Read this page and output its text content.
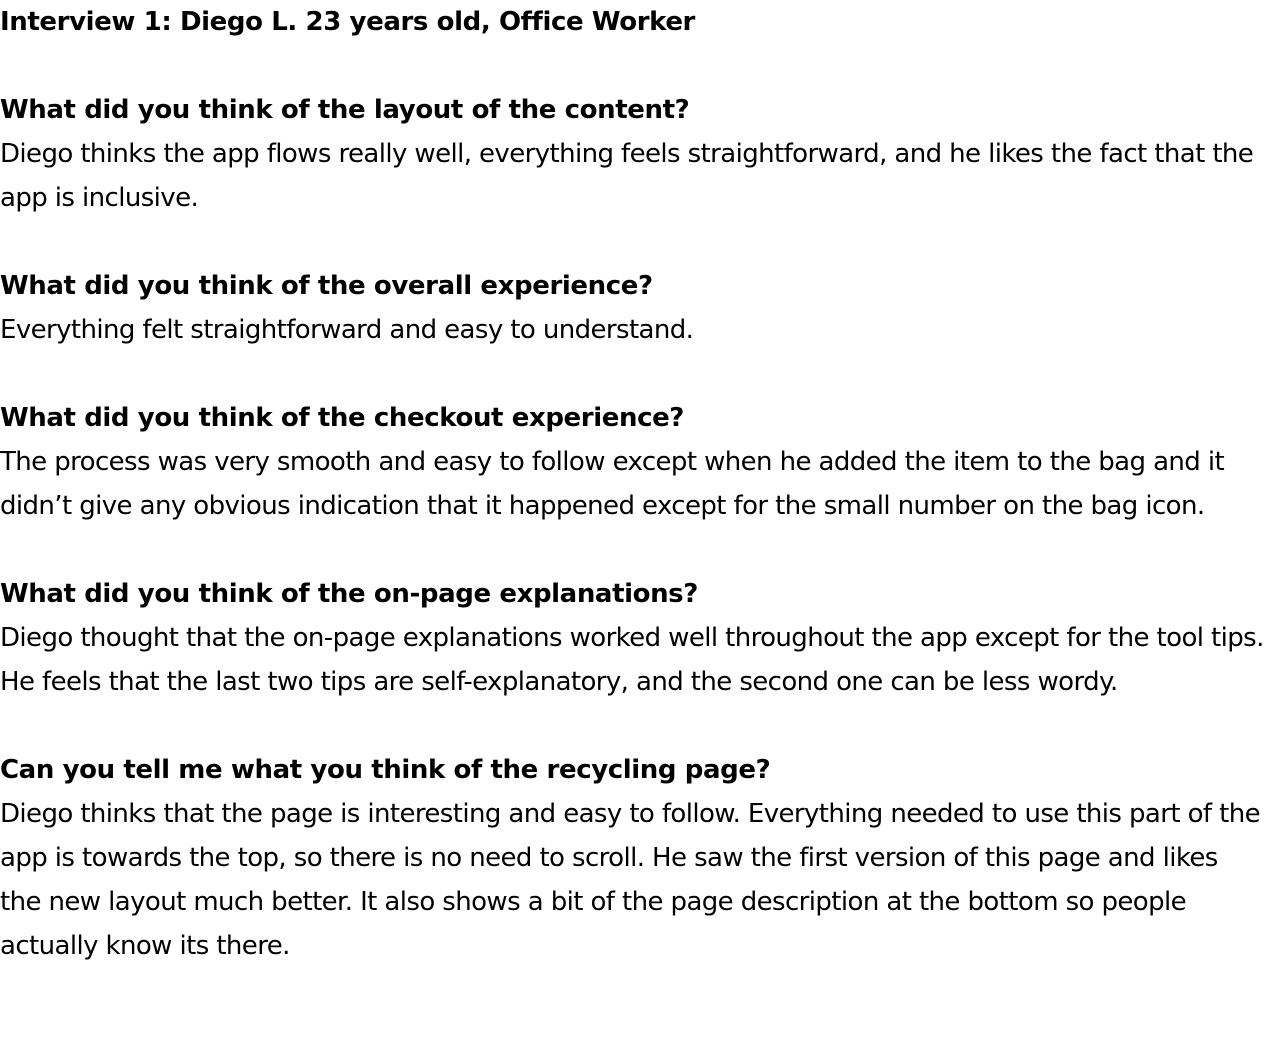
Interview 1: Diego L. 23 years old, Office Worker

What did you think of the layout of the content?

Diego thinks the app flows really well, everything feels straightforward, and he likes the fact that the app is inclusive.

What did you think of the overall experience?

Everything felt straightforward and easy to understand.

What did you think of the checkout experience?

The process was very smooth and easy to follow except when he added the item to the bag and it didn’t give any obvious indication that it happened except for the small number on the bag icon.

What did you think of the on-page explanations?

Diego thought that the on-page explanations worked well throughout the app except for the tool tips. He feels that the last two tips are self-explanatory, and the second one can be less wordy.

Can you tell me what you think of the recycling page?

Diego thinks that the page is interesting and easy to follow. Everything needed to use this part of the app is towards the top, so there is no need to scroll. He saw the first version of this page and likes the new layout much better. It also shows a bit of the page description at the bottom so people actually know its there.
